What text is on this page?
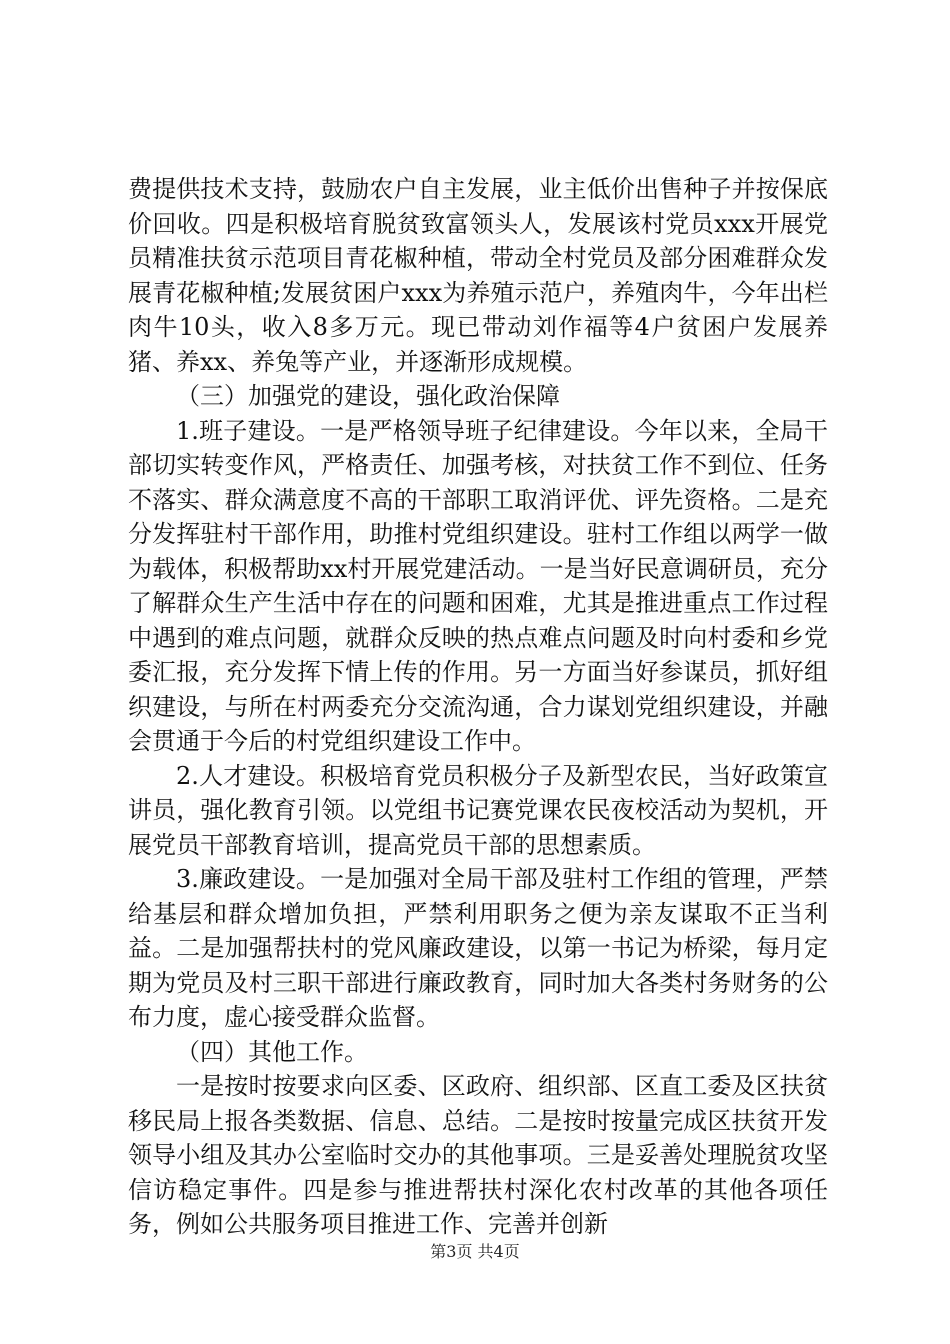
费提供技术支持，鼓励农户自主发展，业主低价出售种子并按保底价回收。四是积极培育脱贫致富领头人，发展该村党员xxx开展党员精准扶贫示范项目青花椒种植，带动全村党员及部分困难群众发展青花椒种植;发展贫困户xxx为养殖示范户，养殖肉牛，今年出栏肉牛10头，收入8多万元。现已带动刘作福等4户贫困户发展养猪、养xx、养兔等产业，并逐渐形成规模。

（三）加强党的建设，强化政治保障

1.班子建设。一是严格领导班子纪律建设。今年以来，全局干部切实转变作风，严格责任、加强考核，对扶贫工作不到位、任务不落实、群众满意度不高的干部职工取消评优、评先资格。二是充分发挥驻村干部作用，助推村党组织建设。驻村工作组以两学一做为载体，积极帮助xx村开展党建活动。一是当好民意调研员，充分了解群众生产生活中存在的问题和困难，尤其是推进重点工作过程中遇到的难点问题，就群众反映的热点难点问题及时向村委和乡党委汇报，充分发挥下情上传的作用。另一方面当好参谋员，抓好组织建设，与所在村两委充分交流沟通，合力谋划党组织建设，并融会贯通于今后的村党组织建设工作中。

2.人才建设。积极培育党员积极分子及新型农民，当好政策宣讲员，强化教育引领。以党组书记赛党课农民夜校活动为契机，开展党员干部教育培训，提高党员干部的思想素质。

3.廉政建设。一是加强对全局干部及驻村工作组的管理，严禁给基层和群众增加负担，严禁利用职务之便为亲友谋取不正当利益。二是加强帮扶村的党风廉政建设，以第一书记为桥梁，每月定期为党员及村三职干部进行廉政教育，同时加大各类村务财务的公布力度，虚心接受群众监督。

（四）其他工作。

一是按时按要求向区委、区政府、组织部、区直工委及区扶贫移民局上报各类数据、信息、总结。二是按时按量完成区扶贫开发领导小组及其办公室临时交办的其他事项。三是妥善处理脱贫攻坚信访稳定事件。四是参与推进帮扶村深化农村改革的其他各项任务，例如公共服务项目推进工作、完善并创新

第3页 共4页
